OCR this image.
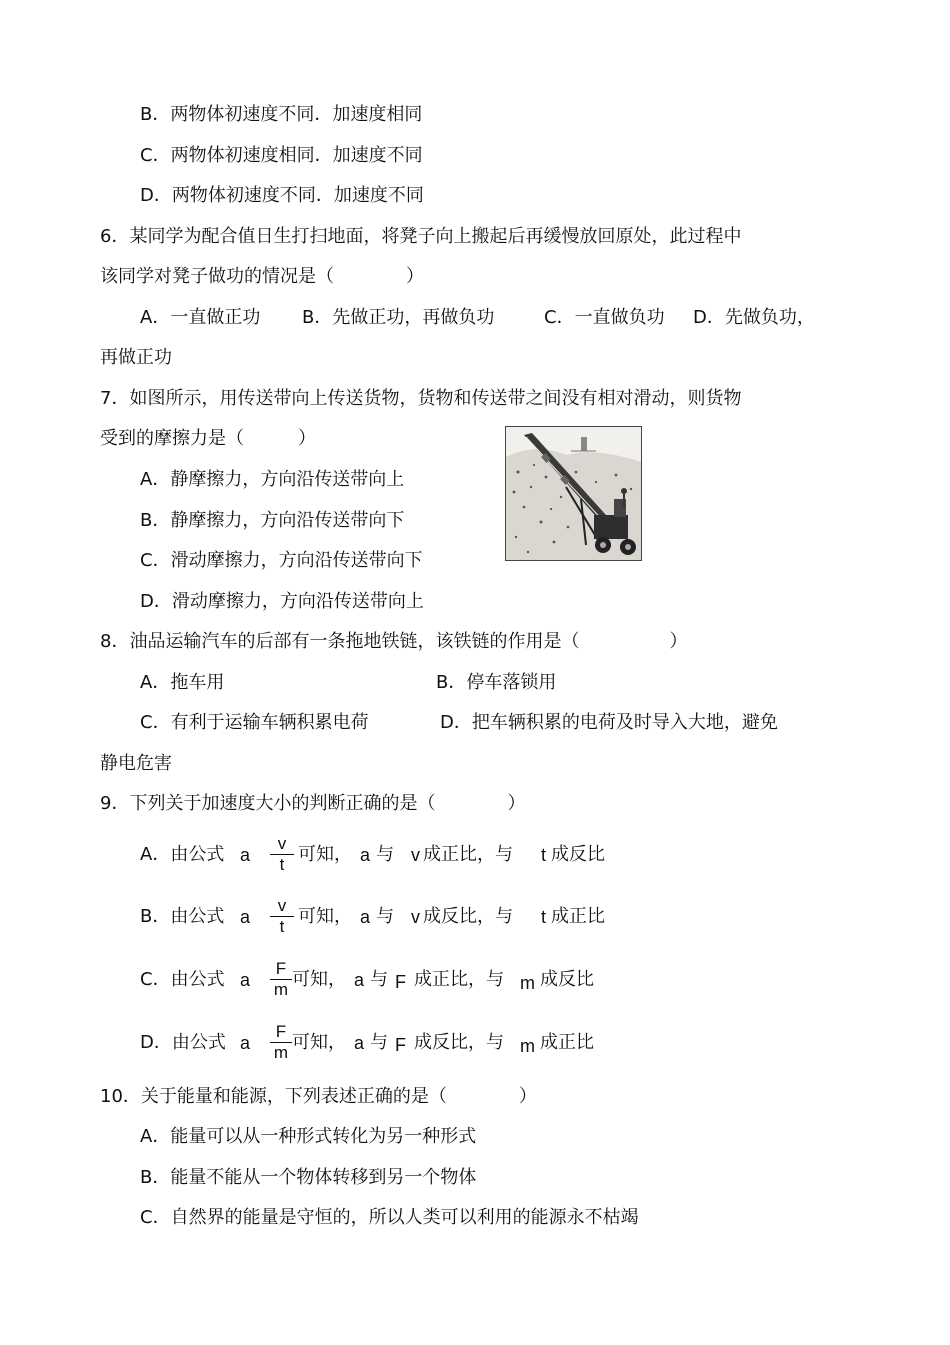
B．两物体初速度不同．加速度相同
C．两物体初速度相同．加速度不同
D．两物体初速度不同．加速度不同
6．某同学为配合值日生打扫地面，将凳子向上搬起后再缓慢放回原处，此过程中
该同学对凳子做功的情况是（　　　　）
A．一直做正功 B．先做正功，再做负功	C．一直做负功 D．先做负功，
再做正功
7．如图所示，用传送带向上传送货物，货物和传送带之间没有相对滑动，则货物
受到的摩擦力是（　　　）
A．静摩擦力，方向沿传送带向上
B．静摩擦力，方向沿传送带向下
C．滑动摩擦力，方向沿传送带向下
D．滑动摩擦力，方向沿传送带向上
8．油品运输汽车的后部有一条拖地铁链，该铁链的作用是（　　　　　）
A．拖车用	B．停车落锁用
C．有利于运输车辆积累电荷	D．把车辆积累的电荷及时导入大地，避免
静电危害
9．下列关于加速度大小的判断正确的是（　　　　）
A．由公式 a
v
t 可知， a 与 v 成正比，与 t 成反比
B．由公式 a
v
t 可知， a 与 v 成反比，与 t 成正比
C．由公式 a
F
m 可知， a 与 F 成正比，与 m 成反比
D．由公式 a
F
m 可知， a 与 F 成反比，与 m 成正比
10．关于能量和能源，下列表述正确的是（　　　　）
A．能量可以从一种形式转化为另一种形式
B．能量不能从一个物体转移到另一个物体
C．自然界的能量是守恒的，所以人类可以利用的能源永不枯竭
